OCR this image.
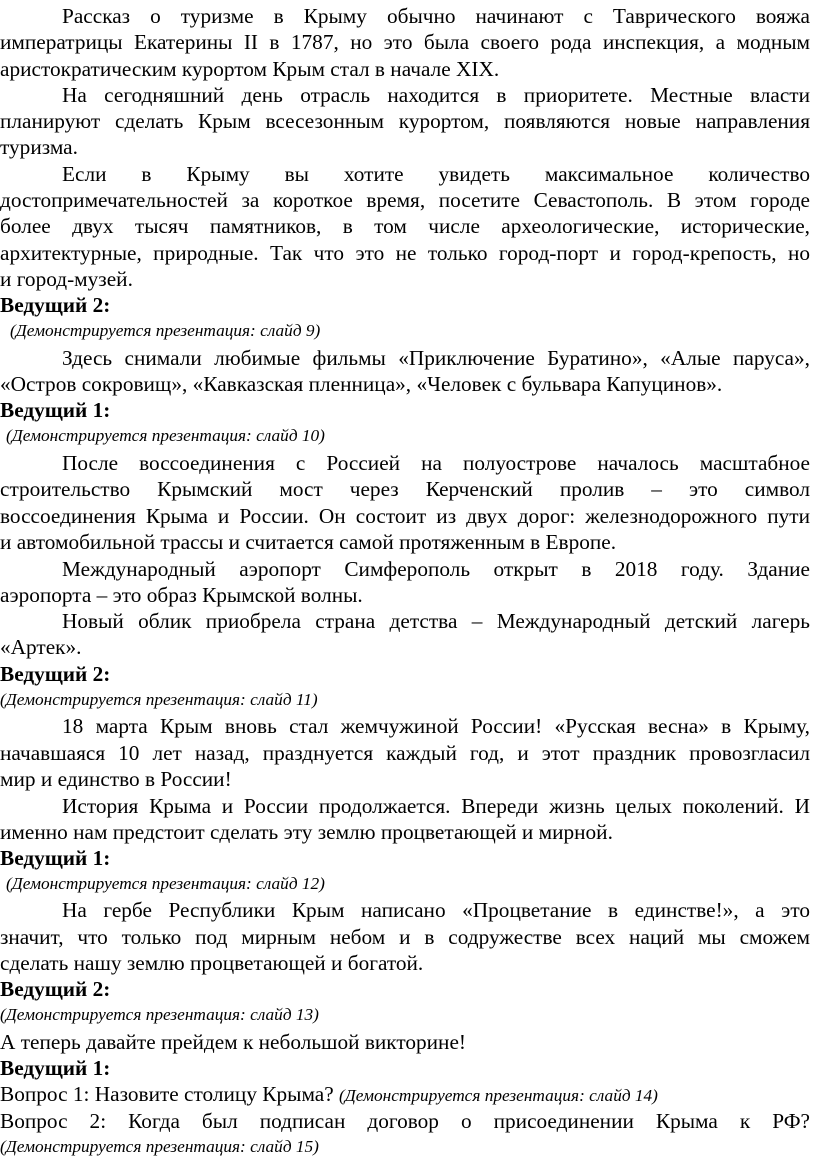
Рассказ о туризме в Крыму обычно начинают с Таврического вояжа
императрицы Екатерины II в 1787, но это была своего рода инспекция, а модным
аристократическим курортом Крым стал в начале XIX.
На сегодняшний день отрасль находится в приоритете. Местные власти
планируют сделать Крым всесезонным курортом, появляются новые направления
туризма.
Если в Крыму вы хотите увидеть максимальное количество
достопримечательностей за короткое время, посетите Севастополь. В этом городе
более двух тысяч памятников, в том числе археологические, исторические,
архитектурные, природные. Так что это не только город-порт и город-крепость, но
и город-музей.
Ведущий 2:
(Демонстрируется презентация: слайд 9)
Здесь снимали любимые фильмы «Приключение Буратино», «Алые паруса»,
«Остров сокровищ», «Кавказская пленница», «Человек с бульвара Капуцинов».
Ведущий 1:
(Демонстрируется презентация: слайд 10)
После воссоединения с Россией на полуострове началось масштабное
строительство Крымский мост через Керченский пролив – это символ
воссоединения Крыма и России. Он состоит из двух дорог: железнодорожного пути
и автомобильной трассы и считается самой протяженным в Европе.
Международный аэропорт Симферополь открыт в 2018 году. Здание
аэропорта – это образ Крымской волны.
Новый облик приобрела страна детства – Международный детский лагерь
«Артек».
Ведущий 2:
(Демонстрируется презентация: слайд 11)
18 марта Крым вновь стал жемчужиной России! «Русская весна» в Крыму,
начавшаяся 10 лет назад, празднуется каждый год, и этот праздник провозгласил
мир и единство в России!
История Крыма и России продолжается. Впереди жизнь целых поколений. И
именно нам предстоит сделать эту землю процветающей и мирной.
Ведущий 1:
(Демонстрируется презентация: слайд 12)
На гербе Республики Крым написано «Процветание в единстве!», а это
значит, что только под мирным небом и в содружестве всех наций мы сможем
сделать нашу землю процветающей и богатой.
Ведущий 2:
(Демонстрируется презентация: слайд 13)
А теперь давайте прейдем к небольшой викторине!
Ведущий 1:
Вопрос 1: Назовите столицу Крыма? (Демонстрируется презентация: слайд 14)
Вопрос 2: Когда был подписан договор о присоединении Крыма к РФ?
(Демонстрируется презентация: слайд 15)
